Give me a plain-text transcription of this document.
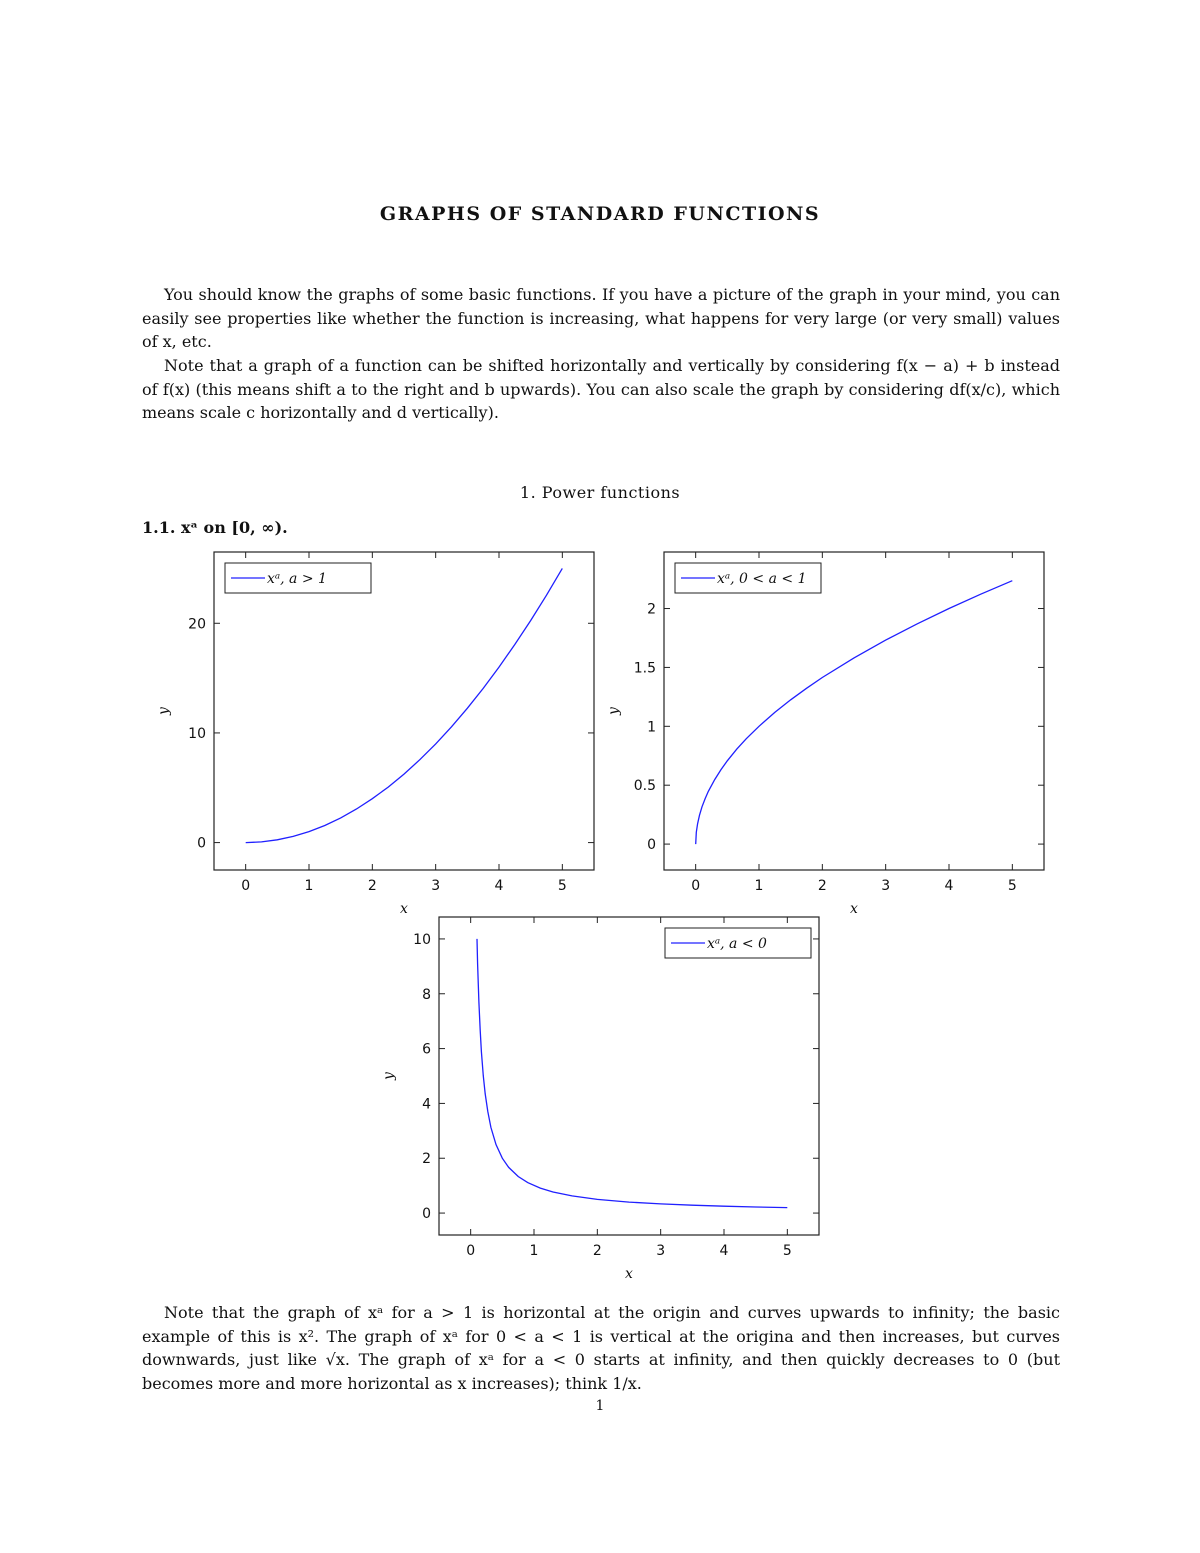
GRAPHS OF STANDARD FUNCTIONS

You should know the graphs of some basic functions. If you have a picture of the graph in your mind, you can easily see properties like whether the function is increasing, what happens for very large (or very small) values of x, etc.

Note that a graph of a function can be shifted horizontally and vertically by considering f(x − a) + b instead of f(x) (this means shift a to the right and b upwards). You can also scale the graph by considering df(x/c), which means scale c horizontally and d vertically).

1. Power functions
1.1. xᵃ on [0, ∞).
0	1	2	3	4	5
0
10
20
x
y
xᵃ, a > 1
0	1	2	3	4	5
0
0.5
1
1.5
2
x
y
xᵃ, 0 < a < 1
0	1	2	3	4	5
0
2
4
6
8
10
x
y
xᵃ, a < 0

Note that the graph of xᵃ for a > 1 is horizontal at the origin and curves upwards to infinity; the basic example of this is x². The graph of xᵃ for 0 < a < 1 is vertical at the origina and then increases, but curves downwards, just like √x. The graph of xᵃ for a < 0 starts at infinity, and then quickly decreases to 0 (but becomes more and more horizontal as x increases); think 1/x.

1
